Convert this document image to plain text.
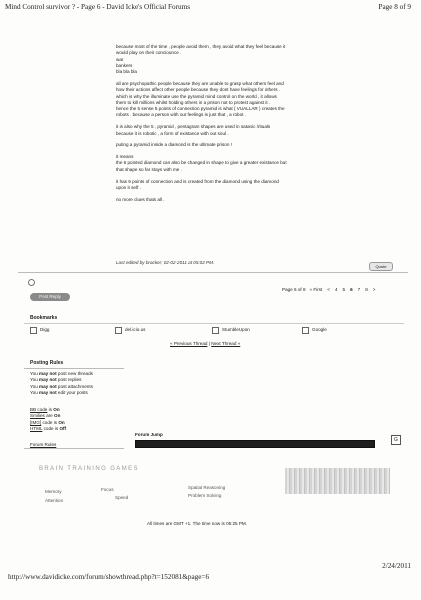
Mind Control survivor ? - Page 6 - David Icke's Official Forums	Page 8 of 9
because most of the time , people avoid them , they avoid what they feel because it
would play on their conciounce .
war
bankers
bla bla bla
all are psychopathic people because they are unable to grasp what others feel and
how their actions affect other people because they dont have feelings for others .
which is why the illuminate use the pyramid mind control on the world , it allows
them to kill millions whilst holding others in a prison not to protest against it .
hence the 5 sense 5 points of connection pyramid is what ( VUALLAR ) creates the
robots . because a person with out feelings is just that , a robot .
it is also why the 5 , pyramid , pentagram shapes are used in satanic /rituals
because it is robotic , a form of existance with out soul .
puting a pyramid inside a diamond is the ultimate prison !
it means
the 6 pointed diamond can also be changed in shape to give a greater existance but
that shape so far stays with me .
it has 9 points of connection and is created from the diamond using the diamond
upon it self .
no more clues thats all .
Last edited by bracker; 02-02-2011 at 05:02 PM.
Quote
Post Reply
Page 6 of 8 « First < 4 5 6 7 8 >
Bookmarks
Digg	del.icio.us	StumbleUpon	Google
« Previous Thread | Next Thread »
Posting Rules
You may not post new threads
You may not post replies
You may not post attachments
You may not edit your posts
BB code is On
Smilies are On
[IMG] code is On
HTML code is Off
Forum Rules
Forum Jump
G
BRAIN TRAINING GAMES
Memory	Focus	Spatial Reasoning
Attention
Speed	Problem Solving
All times are GMT +1. The time now is 05:25 PM.
http://www.davidicke.com/forum/showthread.php?t=152081&page=6
2/24/2011
